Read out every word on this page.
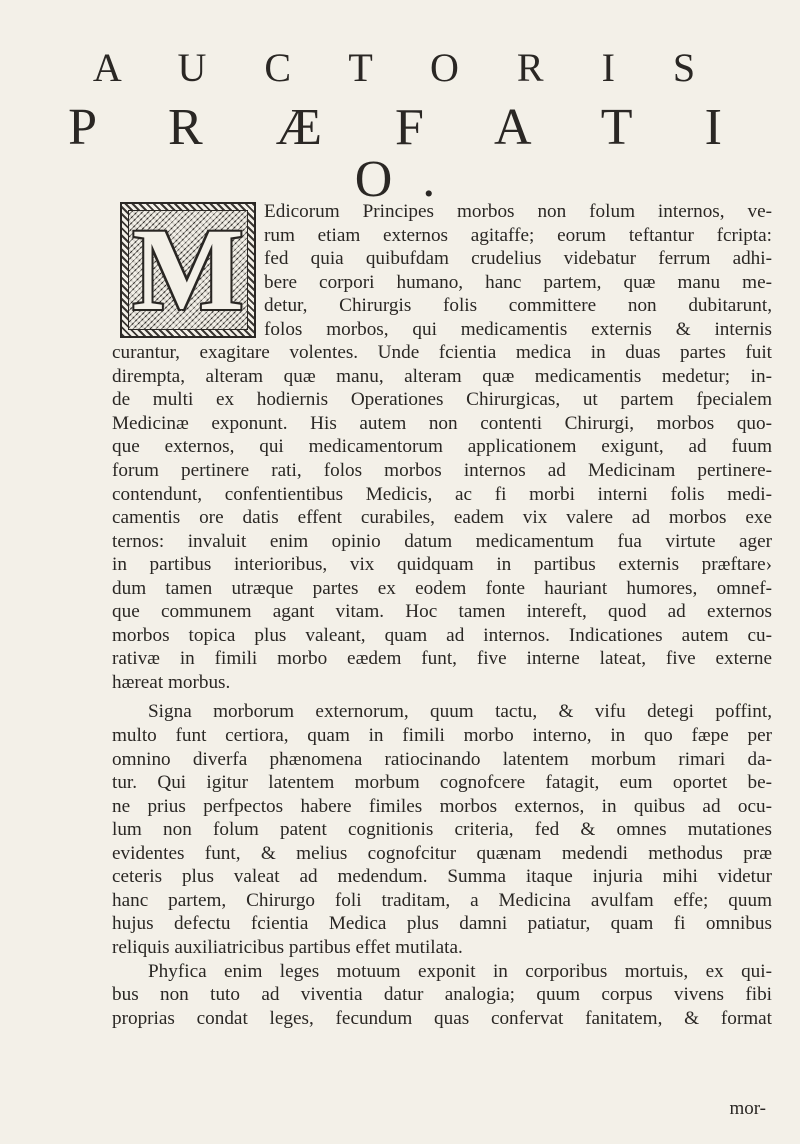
A U C T O R I S
P R Æ F A T I O.
M Edicorum Principes morbos non folum internos, ve-
rum etiam externos agitaffe; eorum teftantur fcripta:
fed quia quibufdam crudelius videbatur ferrum adhi-
bere corpori humano, hanc partem, quæ manu me-
detur, Chirurgis folis committere non dubitarunt,
folos morbos, qui medicamentis externis & internis
curantur, exagitare volentes. Unde fcientia medica in duas partes fuit
dirempta, alteram quæ manu, alteram quæ medicamentis medetur; in-
de multi ex hodiernis Operationes Chirurgicas, ut partem fpecialem
Medicinæ exponunt. His autem non contenti Chirurgi, morbos quo-
que externos, qui medicamentorum applicationem exigunt, ad fuum
forum pertinere rati, folos morbos internos ad Medicinam pertinere-
contendunt, confentientibus Medicis, ac fi morbi interni folis medi-
camentis ore datis effent curabiles, eadem vix valere ad morbos exe
ternos: invaluit enim opinio datum medicamentum fua virtute ager
in partibus interioribus, vix quidquam in partibus externis præftare›
dum tamen utræque partes ex eodem fonte hauriant humores, omnef-
que communem agant vitam. Hoc tamen intereft, quod ad externos
morbos topica plus valeant, quam ad internos. Indicationes autem cu-
rativæ in fimili morbo eædem funt, five interne lateat, five externe
hæreat morbus.
Signa morborum externorum, quum tactu, & vifu detegi poffint,
multo funt certiora, quam in fimili morbo interno, in quo fæpe per
omnino diverfa phænomena ratiocinando latentem morbum rimari da-
tur. Qui igitur latentem morbum cognofcere fatagit, eum oportet be-
ne prius perfpectos habere fimiles morbos externos, in quibus ad ocu-
lum non folum patent cognitionis criteria, fed & omnes mutationes
evidentes funt, & melius cognofcitur quænam medendi methodus præ
ceteris plus valeat ad medendum. Summa itaque injuria mihi videtur
hanc partem, Chirurgo foli traditam, a Medicina avulfam effe; quum
hujus defectu fcientia Medica plus damni patiatur, quam fi omnibus
reliquis auxiliatricibus partibus effet mutilata.
Phyfica enim leges motuum exponit in corporibus mortuis, ex qui-
bus non tuto ad viventia datur analogia; quum corpus vivens fibi
proprias condat leges, fecundum quas confervat fanitatem, & format
mor-
